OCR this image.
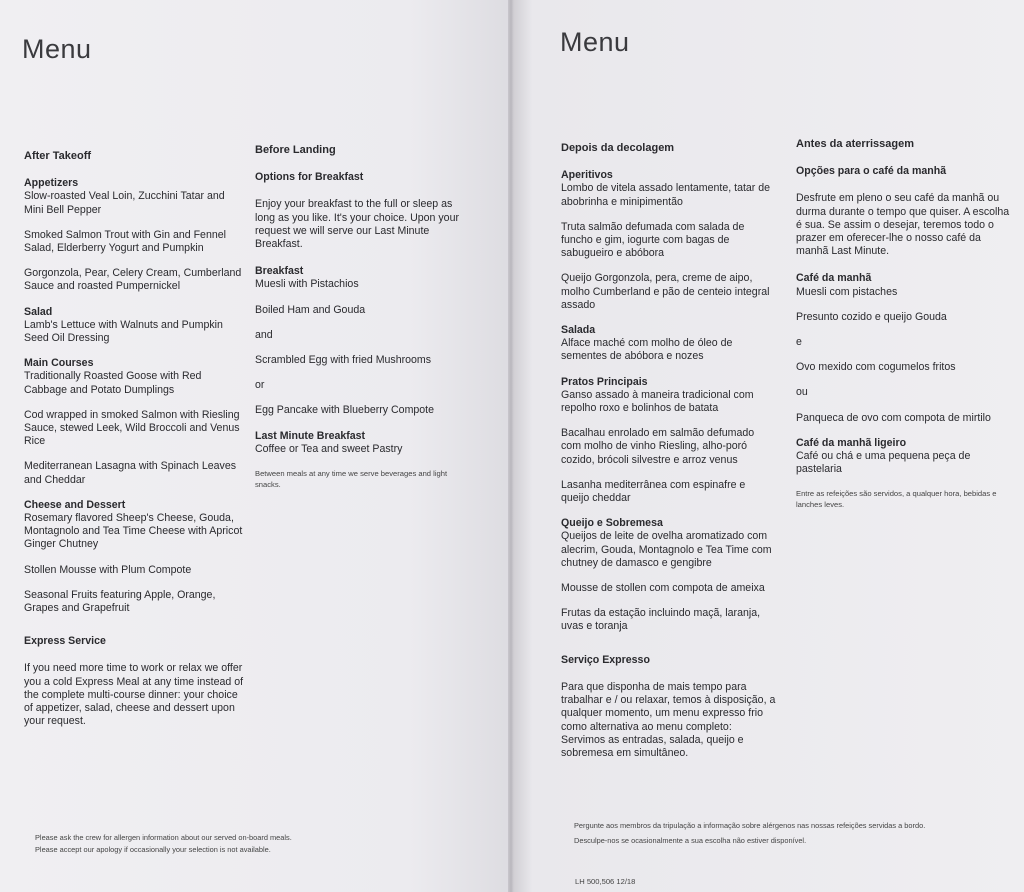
Menu
After Takeoff
Appetizers
Slow-roasted Veal Loin, Zucchini Tatar and Mini Bell Pepper
Smoked Salmon Trout with Gin and Fennel Salad, Elderberry Yogurt and Pumpkin
Gorgonzola, Pear, Celery Cream, Cumberland Sauce and roasted Pumpernickel
Salad
Lamb's Lettuce with Walnuts and Pumpkin Seed Oil Dressing
Main Courses
Traditionally Roasted Goose with Red Cabbage and Potato Dumplings
Cod wrapped in smoked Salmon with Riesling Sauce, stewed Leek, Wild Broccoli and Venus Rice
Mediterranean Lasagna with Spinach Leaves and Cheddar
Cheese and Dessert
Rosemary flavored Sheep's Cheese, Gouda, Montagnolo and Tea Time Cheese with Apricot Ginger Chutney
Stollen Mousse with Plum Compote
Seasonal Fruits featuring Apple, Orange, Grapes and Grapefruit
Express Service
If you need more time to work or relax we offer you a cold Express Meal at any time instead of the complete multi-course dinner: your choice of appetizer, salad, cheese and dessert upon your request.
Before Landing
Options for Breakfast
Enjoy your breakfast to the full or sleep as long as you like. It's your choice. Upon your request we will serve our Last Minute Breakfast.
Breakfast
Muesli with Pistachios
Boiled Ham and Gouda
and
Scrambled Egg with fried Mushrooms
or
Egg Pancake with Blueberry Compote
Last Minute Breakfast
Coffee or Tea and sweet Pastry
Between meals at any time we serve beverages and light snacks.
Please ask the crew for allergen information about our served on-board meals.
Please accept our apology if occasionally your selection is not available.
Menu
Depois da decolagem
Aperitivos
Lombo de vitela assado lentamente, tatar de abobrinha e minipimentão
Truta salmão defumada com salada de funcho e gim, iogurte com bagas de sabugueiro e abóbora
Queijo Gorgonzola, pera, creme de aipo, molho Cumberland e pão de centeio integral assado
Salada
Alface maché com molho de óleo de sementes de abóbora e nozes
Pratos Principais
Ganso assado à maneira tradicional com repolho roxo e bolinhos de batata
Bacalhau enrolado em salmão defumado com molho de vinho Riesling, alho-poró cozido, brócoli silvestre e arroz venus
Lasanha mediterrânea com espinafre e queijo cheddar
Queijo e Sobremesa
Queijos de leite de ovelha aromatizado com alecrim, Gouda, Montagnolo e Tea Time com chutney de damasco e gengibre
Mousse de stollen com compota de ameixa
Frutas da estação incluindo maçã, laranja, uvas e toranja
Serviço Expresso
Para que disponha de mais tempo para trabalhar e / ou relaxar, temos à disposição, a qualquer momento, um menu expresso frio como alternativa ao menu completo: Servimos as entradas, salada, queijo e sobremesa em simultâneo.
Antes da aterrissagem
Opções para o café da manhã
Desfrute em pleno o seu café da manhã ou durma durante o tempo que quiser. A escolha é sua. Se assim o desejar, teremos todo o prazer em oferecer-lhe o nosso café da manhã Last Minute.
Café da manhã
Muesli com pistaches
Presunto cozido e queijo Gouda
e
Ovo mexido com cogumelos fritos
ou
Panqueca de ovo com compota de mirtilo
Café da manhã ligeiro
Café ou chá e uma pequena peça de pastelaria
Entre as refeições são servidos, a qualquer hora, bebidas e lanches leves.
Pergunte aos membros da tripulação a informação sobre alérgenos nas nossas refeições servidas a bordo.
Desculpe-nos se ocasionalmente a sua escolha não estiver disponível.
LH 500,506 12/18
